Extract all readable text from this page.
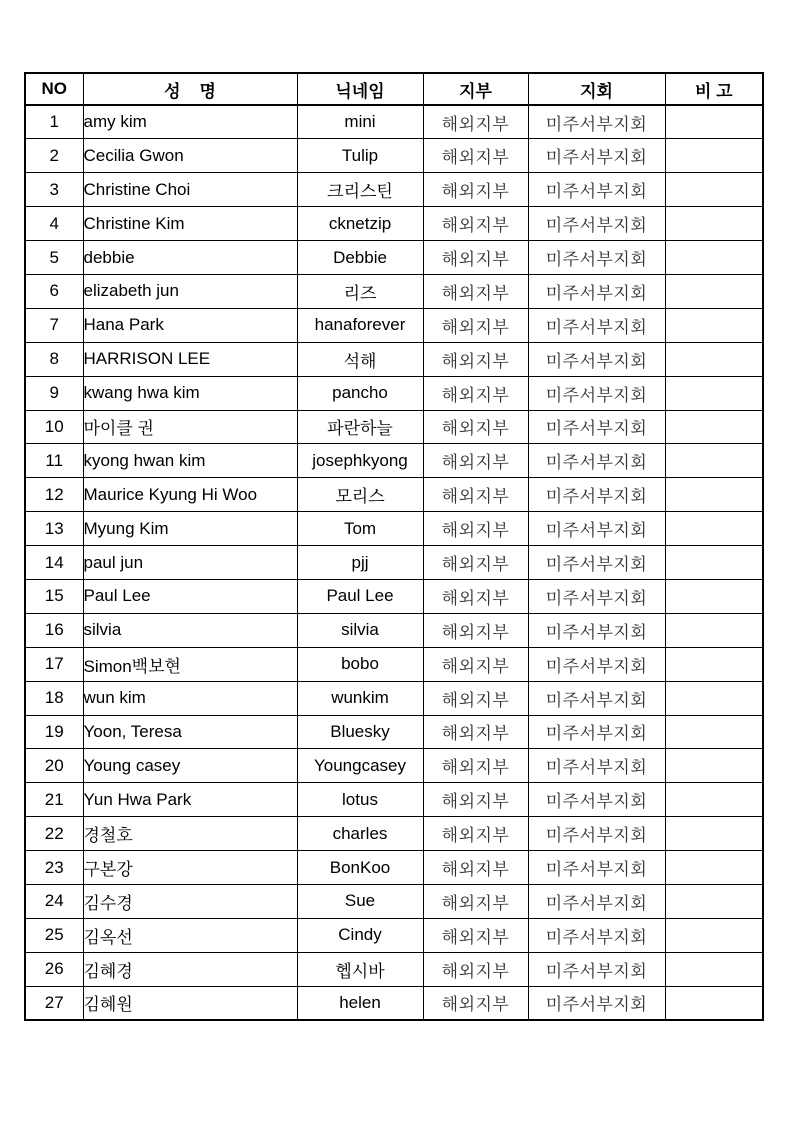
NO	성    명	닉네임	지부	지회	비 고
1	amy kim	mini	해외지부	미주서부지회	
2	Cecilia Gwon	Tulip	해외지부	미주서부지회	
3	Christine Choi	크리스틴	해외지부	미주서부지회	
4	Christine Kim	cknetzip	해외지부	미주서부지회	
5	debbie	Debbie	해외지부	미주서부지회	
6	elizabeth jun	리즈	해외지부	미주서부지회	
7	Hana Park	hanaforever	해외지부	미주서부지회	
8	HARRISON LEE	석해	해외지부	미주서부지회	
9	kwang hwa kim	pancho	해외지부	미주서부지회	
10	마이클 권	파란하늘	해외지부	미주서부지회	
11	kyong hwan kim	josephkyong	해외지부	미주서부지회	
12	Maurice Kyung Hi Woo	모리스	해외지부	미주서부지회	
13	Myung Kim	Tom	해외지부	미주서부지회	
14	paul jun	pjj	해외지부	미주서부지회	
15	Paul Lee	Paul Lee	해외지부	미주서부지회	
16	silvia	silvia	해외지부	미주서부지회	
17	Simon백보현	bobo	해외지부	미주서부지회	
18	wun kim	wunkim	해외지부	미주서부지회	
19	Yoon, Teresa	Bluesky	해외지부	미주서부지회	
20	Young casey	Youngcasey	해외지부	미주서부지회	
21	Yun Hwa Park	lotus	해외지부	미주서부지회	
22	경철호	charles	해외지부	미주서부지회	
23	구본강	BonKoo	해외지부	미주서부지회	
24	김수경	Sue	해외지부	미주서부지회	
25	김옥선	Cindy	해외지부	미주서부지회	
26	김혜경	헵시바	해외지부	미주서부지회	
27	김혜원	helen	해외지부	미주서부지회	
